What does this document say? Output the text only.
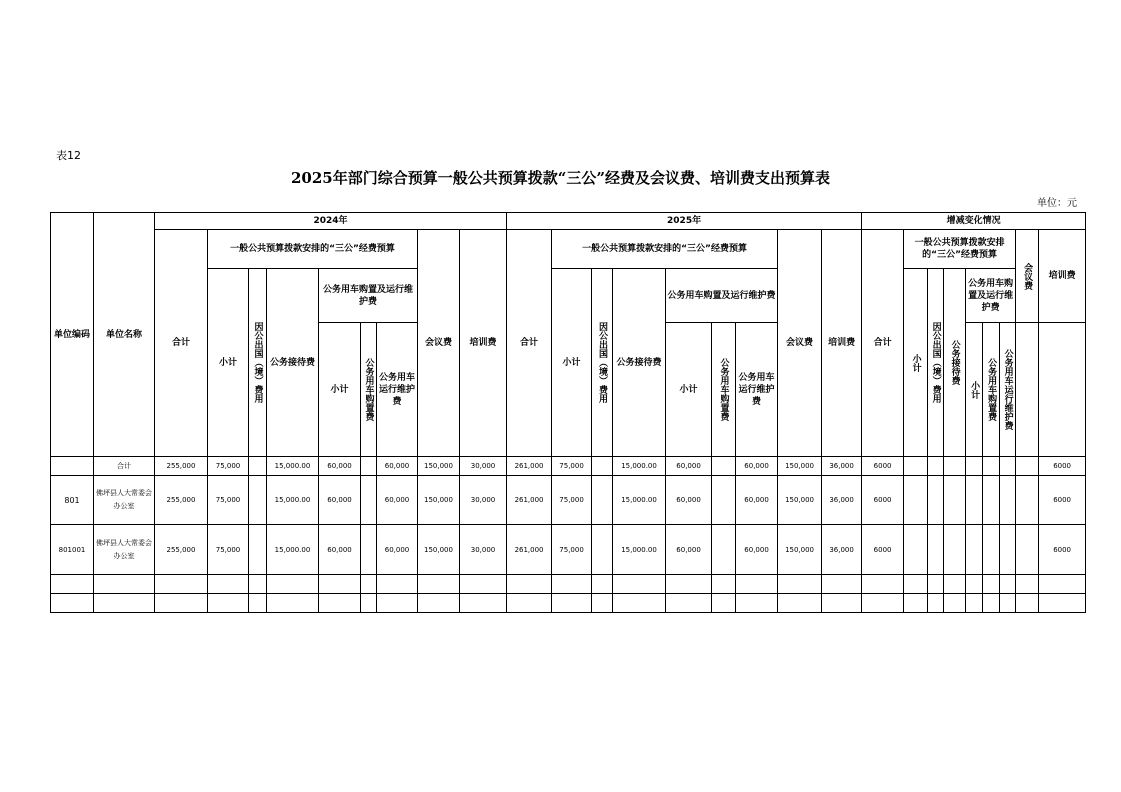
表12
2025年部门综合预算一般公共预算拨款“三公”经费及会议费、培训费支出预算表
单位：元
单位编码	单位名称	2024年									2025年									增减变化情况								
		合计	一般公共预算拨款安排的“三公”经费预算						会议费	培训费	合计	一般公共预算拨款安排的“三公”经费预算						会议费	培训费	合计	一般公共预算拨款安排的“三公”经费预算						会议费	培训费
			小计	因公出国（境）费用	公务接待费	公务用车购置及运行维护费						小计	因公出国（境）费用	公务接待费	公务用车购置及运行维护费						小计	因公出国（境）费用	公务接待费	公务用车购置及运行维护费				
						小计	公务用车购置费	公务用车运行维护费							小计	公务用车购置费	公务用车运行维护费							小计	公务用车购置费	公务用车运行维护费		
	合计	255,000	75,000		15,000.00	60,000		60,000	150,000	30,000	261,000	75,000		15,000.00	60,000		60,000	150,000	36,000	6000								6000
801	佛坪县人大常委会办公室	255,000	75,000		15,000.00	60,000		60,000	150,000	30,000	261,000	75,000		15,000.00	60,000		60,000	150,000	36,000	6000								6000
801001	佛坪县人大常委会办公室	255,000	75,000		15,000.00	60,000		60,000	150,000	30,000	261,000	75,000		15,000.00	60,000		60,000	150,000	36,000	6000								6000
